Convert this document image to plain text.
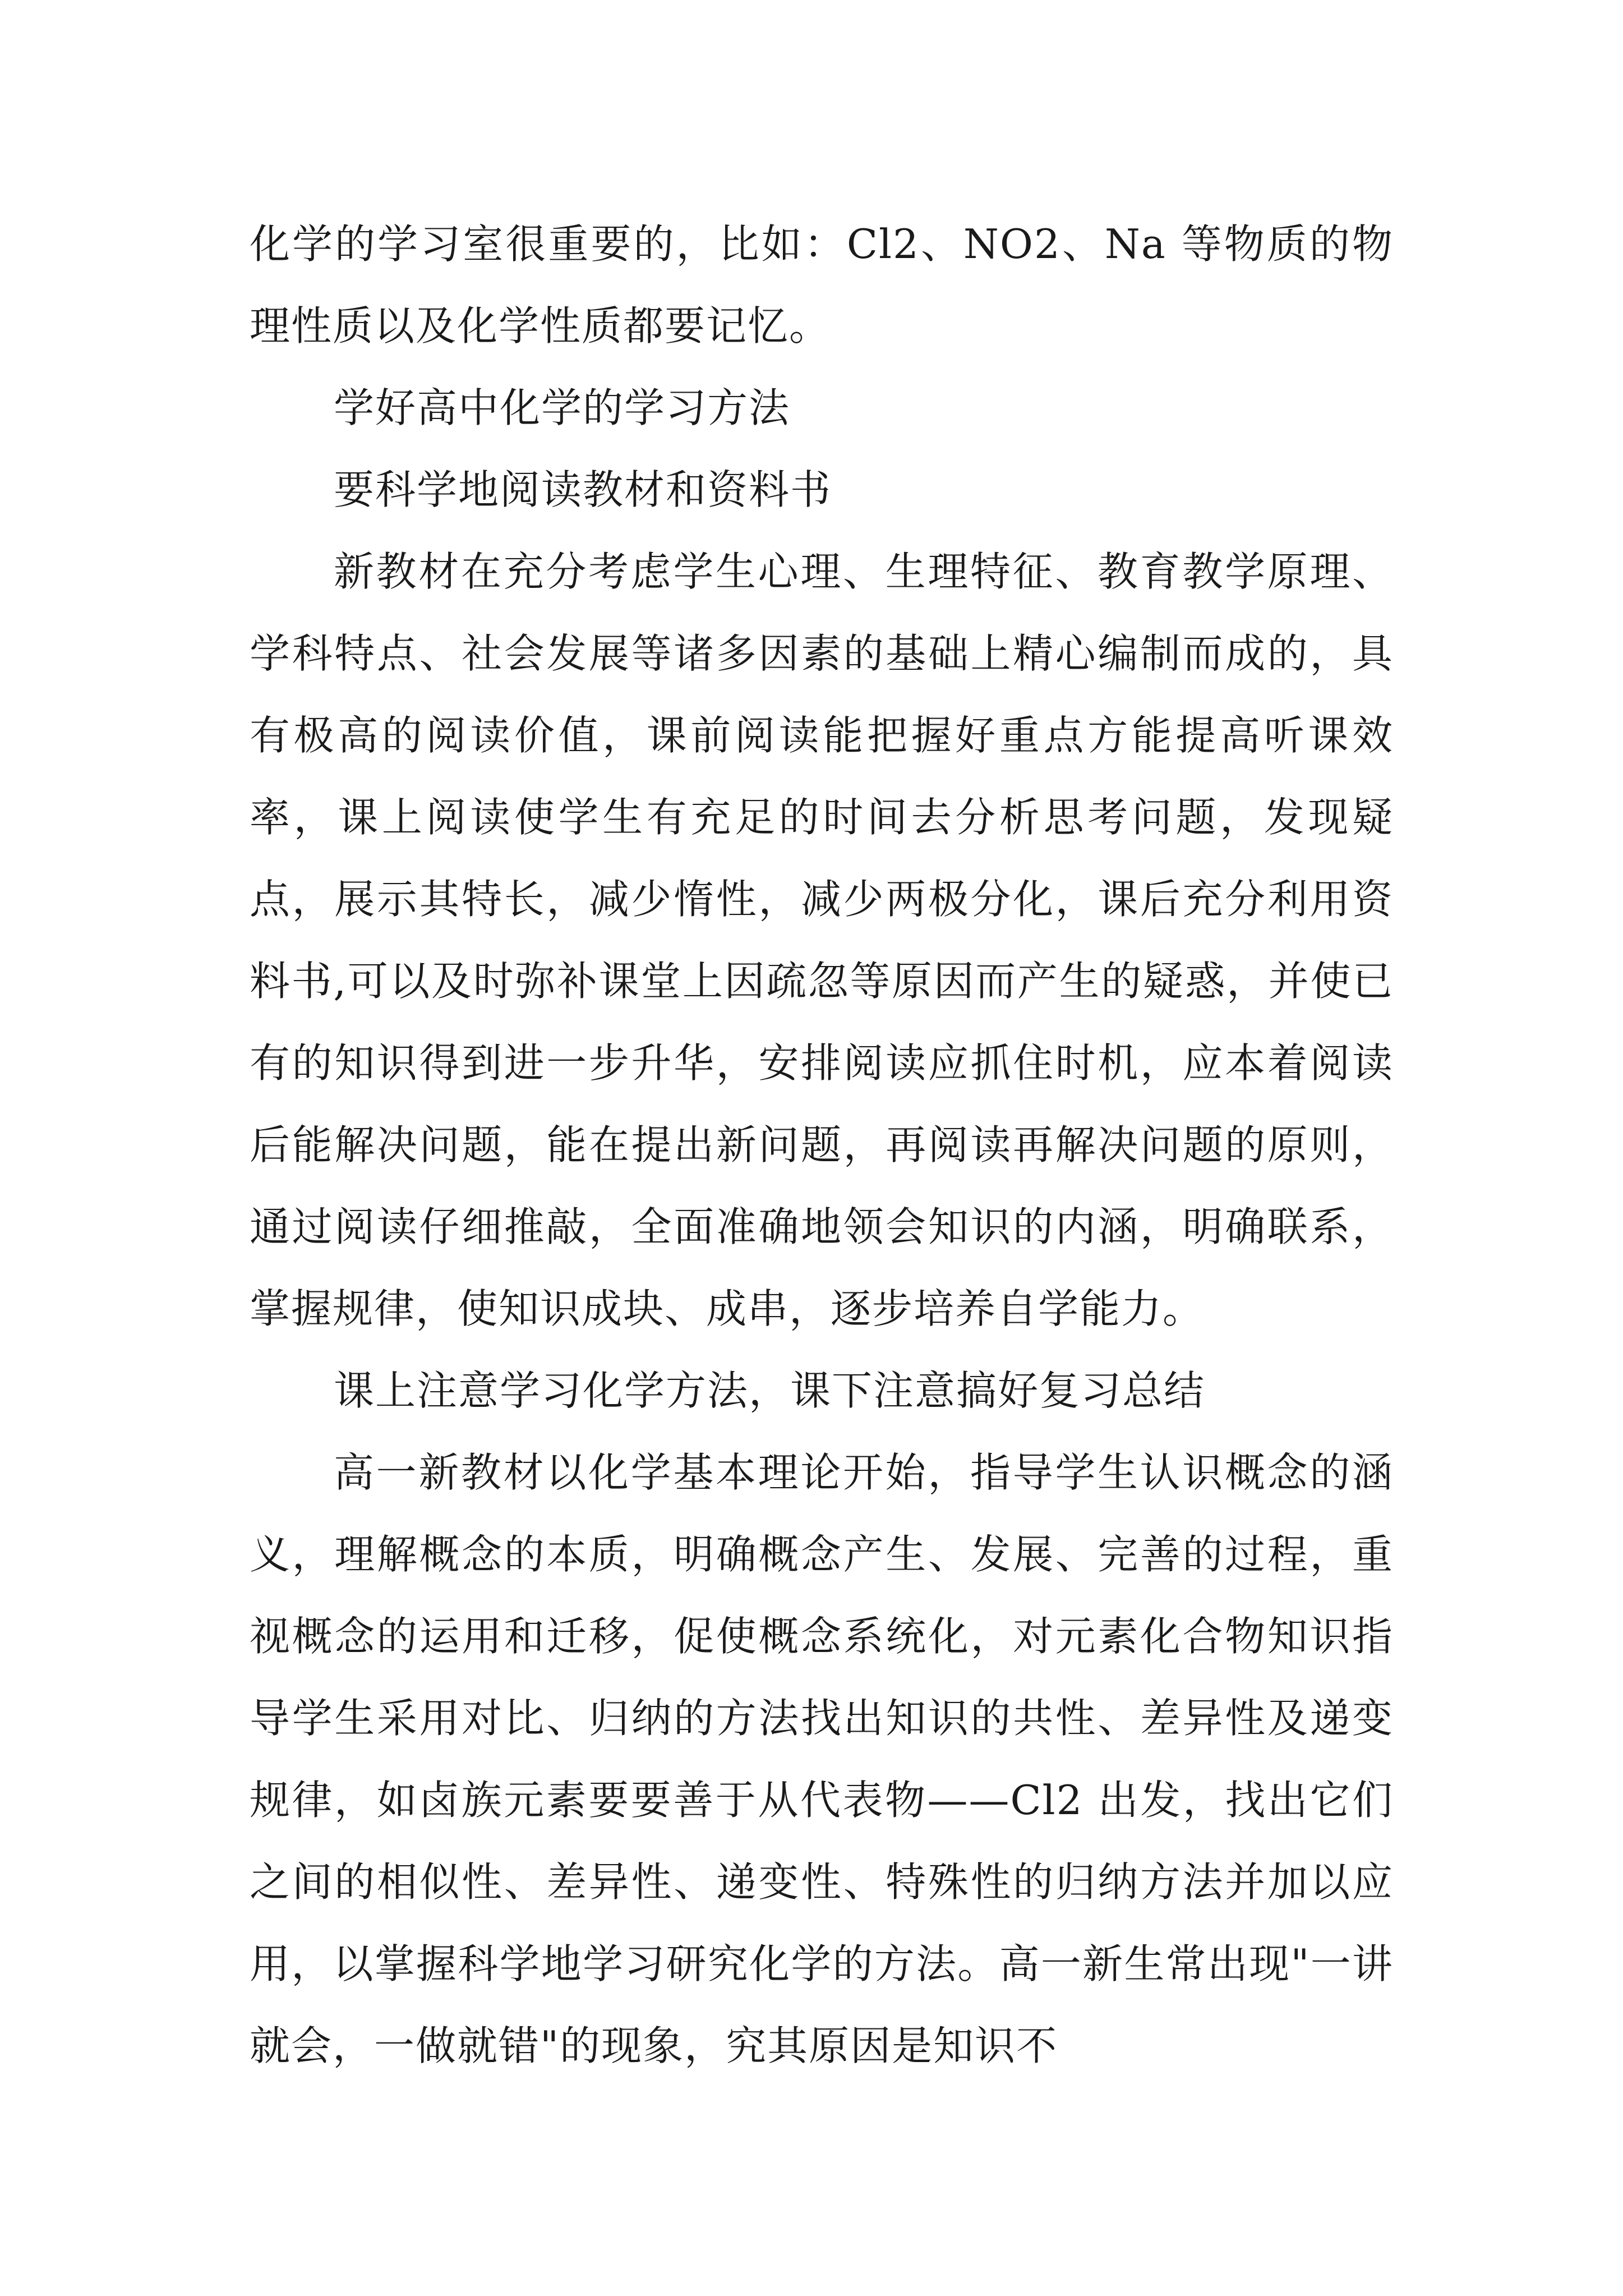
化学的学习室很重要的，比如：Cl2、NO2、Na 等物质的物理性质以及化学性质都要记忆。

学好高中化学的学习方法

要科学地阅读教材和资料书

新教材在充分考虑学生心理、生理特征、教育教学原理、学科特点、社会发展等诸多因素的基础上精心编制而成的，具有极高的阅读价值，课前阅读能把握好重点方能提高听课效率，课上阅读使学生有充足的时间去分析思考问题，发现疑点，展示其特长，减少惰性，减少两极分化，课后充分利用资料书,可以及时弥补课堂上因疏忽等原因而产生的疑惑，并使已有的知识得到进一步升华，安排阅读应抓住时机，应本着阅读后能解决问题，能在提出新问题，再阅读再解决问题的原则，通过阅读仔细推敲，全面准确地领会知识的内涵，明确联系，掌握规律，使知识成块、成串，逐步培养自学能力。

课上注意学习化学方法，课下注意搞好复习总结

高一新教材以化学基本理论开始，指导学生认识概念的涵义，理解概念的本质，明确概念产生、发展、完善的过程，重视概念的运用和迁移，促使概念系统化，对元素化合物知识指导学生采用对比、归纳的方法找出知识的共性、差异性及递变规律，如卤族元素要要善于从代表物——Cl2 出发，找出它们之间的相似性、差异性、递变性、特殊性的归纳方法并加以应用，以掌握科学地学习研究化学的方法。高一新生常出现"一讲就会，一做就错"的现象，究其原因是知识不
